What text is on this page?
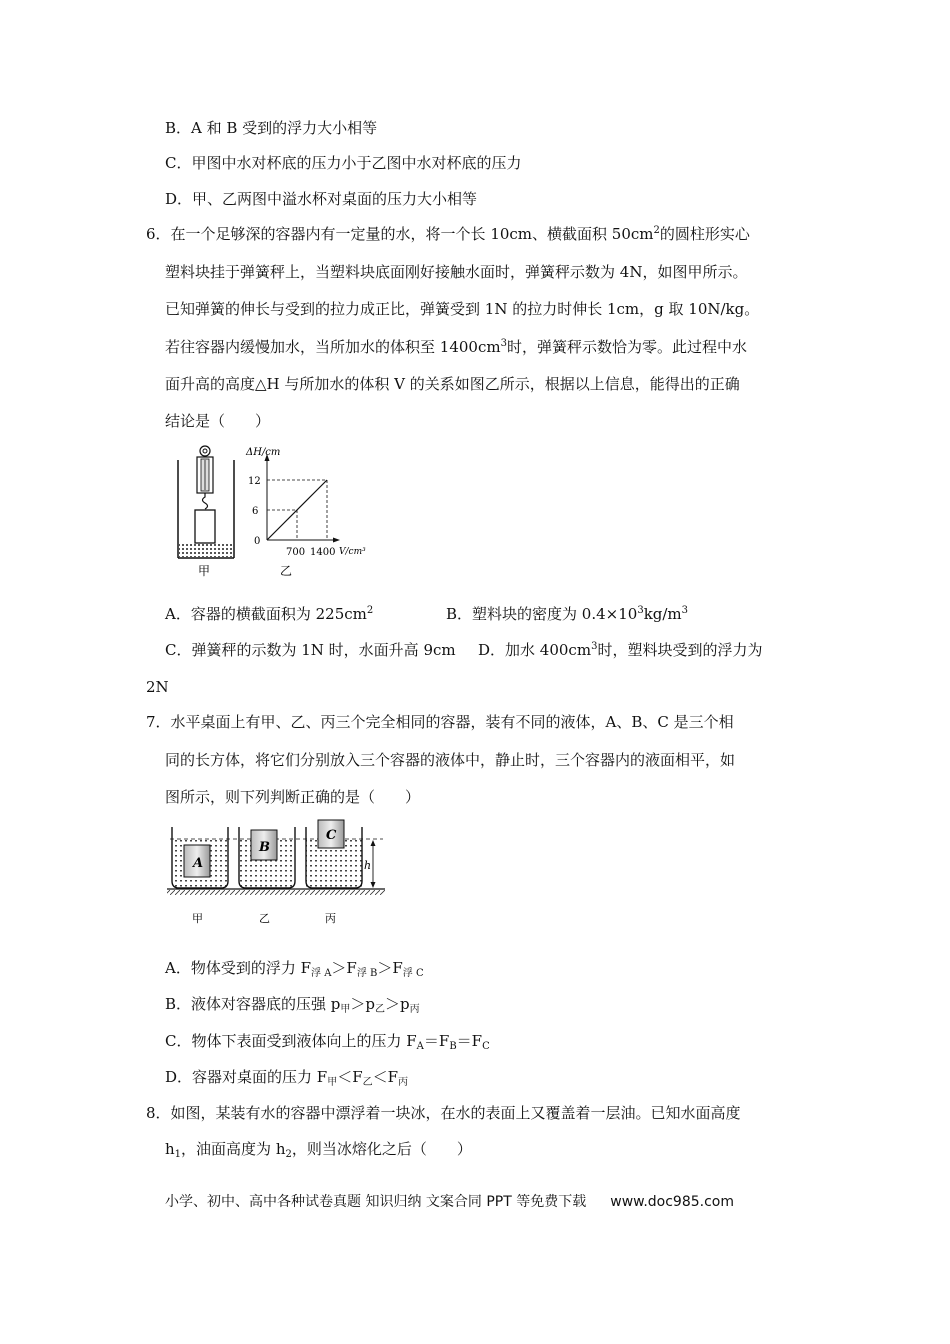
B．A 和 B 受到的浮力大小相等
C．甲图中水对杯底的压力小于乙图中水对杯底的压力
D．甲、乙两图中溢水杯对桌面的压力大小相等
6．在一个足够深的容器内有一定量的水，将一个长 10cm、横截面积 $50cm^2$的圆柱形实心
塑料块挂于弹簧秤上，当塑料块底面刚好接触水面时，弹簧秤示数为 4N，如图甲所示。
已知弹簧的伸长与受到的拉力成正比，弹簧受到 1N 的拉力时伸长 1cm，g 取 10N/kg。
若往容器内缓慢加水，当所加水的体积至 $1400cm^3$时，弹簧秤示数恰为零。此过程中水
面升高的高度△H 与所加水的体积 V 的关系如图乙所示，根据以上信息，能得出的正确
结论是（　　）
甲
ΔH/cm
12
6
0
700 1400 V/cm³
乙
A．容器的横截面积为 $225cm^2$	B．塑料块的密度为 $0.4\times 10^3kg/m^3$
C．弹簧秤的示数为 1N 时，水面升高 9cm D．加水 $400cm^3$时，塑料块受到的浮力为
2N
7．水平桌面上有甲、乙、丙三个完全相同的容器，装有不同的液体，A、B、C 是三个相
同的长方体，将它们分别放入三个容器的液体中，静止时，三个容器内的液面相平，如
图所示，则下列判断正确的是（　　）
h
A
B
C
甲	乙	丙
A．物体受到的浮力 $F_{浮 A}>F_{浮 B}>F_{浮 C}$
B．液体对容器底的压强 $p_甲>p_乙>p_丙$
C．物体下表面受到液体向上的压力 $F_A=F_B=F_C$
D．容器对桌面的压力 $F_甲<F_乙<F_丙$
8．如图，某装有水的容器中漂浮着一块冰，在水的表面上又覆盖着一层油。已知水面高度
$h_1$，油面高度为 $h_2$，则当冰熔化之后（　　）
小学、初中、高中各种试卷真题 知识归纳 文案合同 PPT 等免费下载 www.doc985.com
